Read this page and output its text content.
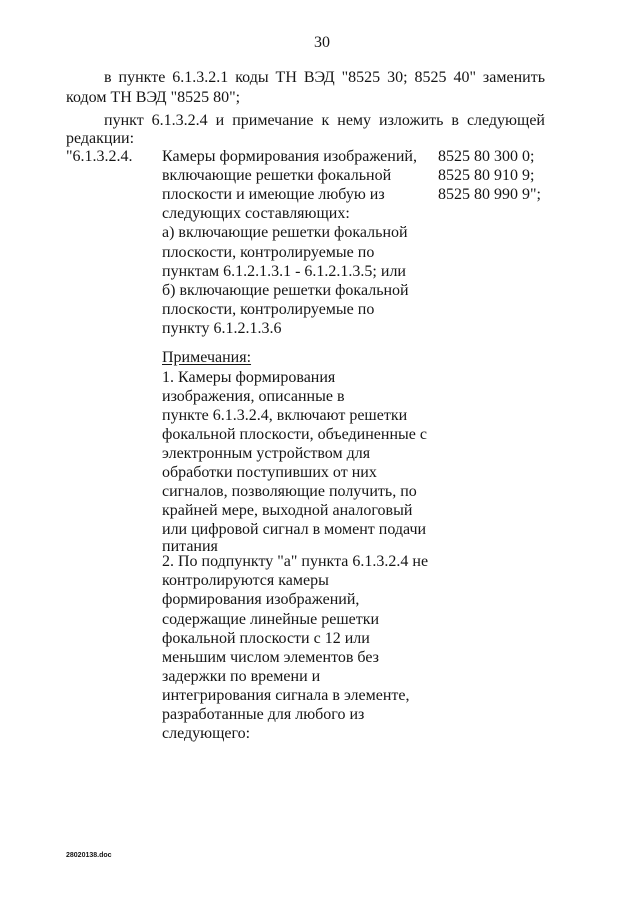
30
в пункте 6.1.3.2.1 коды ТН ВЭД "8525 30; 8525 40" заменить
кодом ТН ВЭД "8525 80";
пункт 6.1.3.2.4 и примечание к нему изложить в следующей
редакции:
"6.1.3.2.4. Камеры формирования изображений,
включающие решетки фокальной
плоскости и имеющие любую из
следующих составляющих:
а) включающие решетки фокальной
плоскости, контролируемые по
пунктам 6.1.2.1.3.1 - 6.1.2.1.3.5; или
б) включающие решетки фокальной
плоскости, контролируемые по
пункту 6.1.2.1.3.6
8525 80 300 0;
8525 80 910 9;
8525 80 990 9";
Примечания:
1. Камеры формирования
изображения, описанные в
пункте 6.1.3.2.4, включают решетки
фокальной плоскости, объединенные с
электронным устройством для
обработки поступивших от них
сигналов, позволяющие получить, по
крайней мере, выходной аналоговый
или цифровой сигнал в момент подачи
питания
2. По подпункту "а" пункта 6.1.3.2.4 не
контролируются камеры
формирования изображений,
содержащие линейные решетки
фокальной плоскости с 12 или
меньшим числом элементов без
задержки по времени и
интегрирования сигнала в элементе,
разработанные для любого из
следующего:
28020138.doc
